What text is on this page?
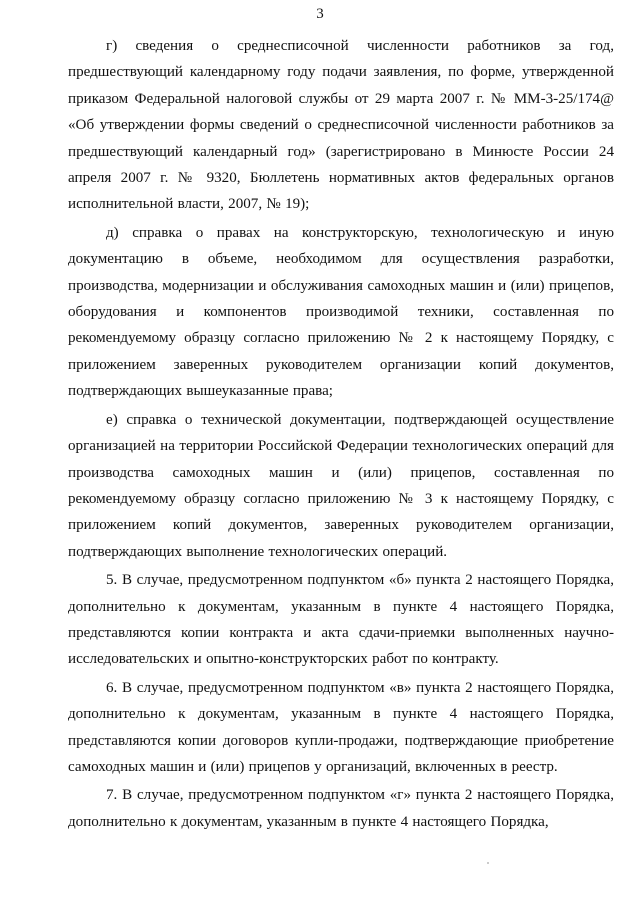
3

г) сведения о среднесписочной численности работников за год, предшествующий календарному году подачи заявления, по форме, утвержденной приказом Федеральной налоговой службы от 29 марта 2007 г. № ММ-3-25/174@ «Об утверждении формы сведений о среднесписочной численности работников за предшествующий календарный год» (зарегистрировано в Минюсте России 24 апреля 2007 г. № 9320, Бюллетень нормативных актов федеральных органов исполнительной власти, 2007, № 19);

д) справка о правах на конструкторскую, технологическую и иную документацию в объеме, необходимом для осуществления разработки, производства, модернизации и обслуживания самоходных машин и (или) прицепов, оборудования и компонентов производимой техники, составленная по рекомендуемому образцу согласно приложению № 2 к настоящему Порядку, с приложением заверенных руководителем организации копий документов, подтверждающих вышеуказанные права;

е) справка о технической документации, подтверждающей осуществление организацией на территории Российской Федерации технологических операций для производства самоходных машин и (или) прицепов, составленная по рекомендуемому образцу согласно приложению № 3 к настоящему Порядку, с приложением копий документов, заверенных руководителем организации, подтверждающих выполнение технологических операций.

5. В случае, предусмотренном подпунктом «б» пункта 2 настоящего Порядка, дополнительно к документам, указанным в пункте 4 настоящего Порядка, представляются копии контракта и акта сдачи-приемки выполненных научно-исследовательских и опытно-конструкторских работ по контракту.

6. В случае, предусмотренном подпунктом «в» пункта 2 настоящего Порядка, дополнительно к документам, указанным в пункте 4 настоящего Порядка, представляются копии договоров купли-продажи, подтверждающие приобретение самоходных машин и (или) прицепов у организаций, включенных в реестр.

7. В случае, предусмотренном подпунктом «г» пункта 2 настоящего Порядка, дополнительно к документам, указанным в пункте 4 настоящего Порядка,
